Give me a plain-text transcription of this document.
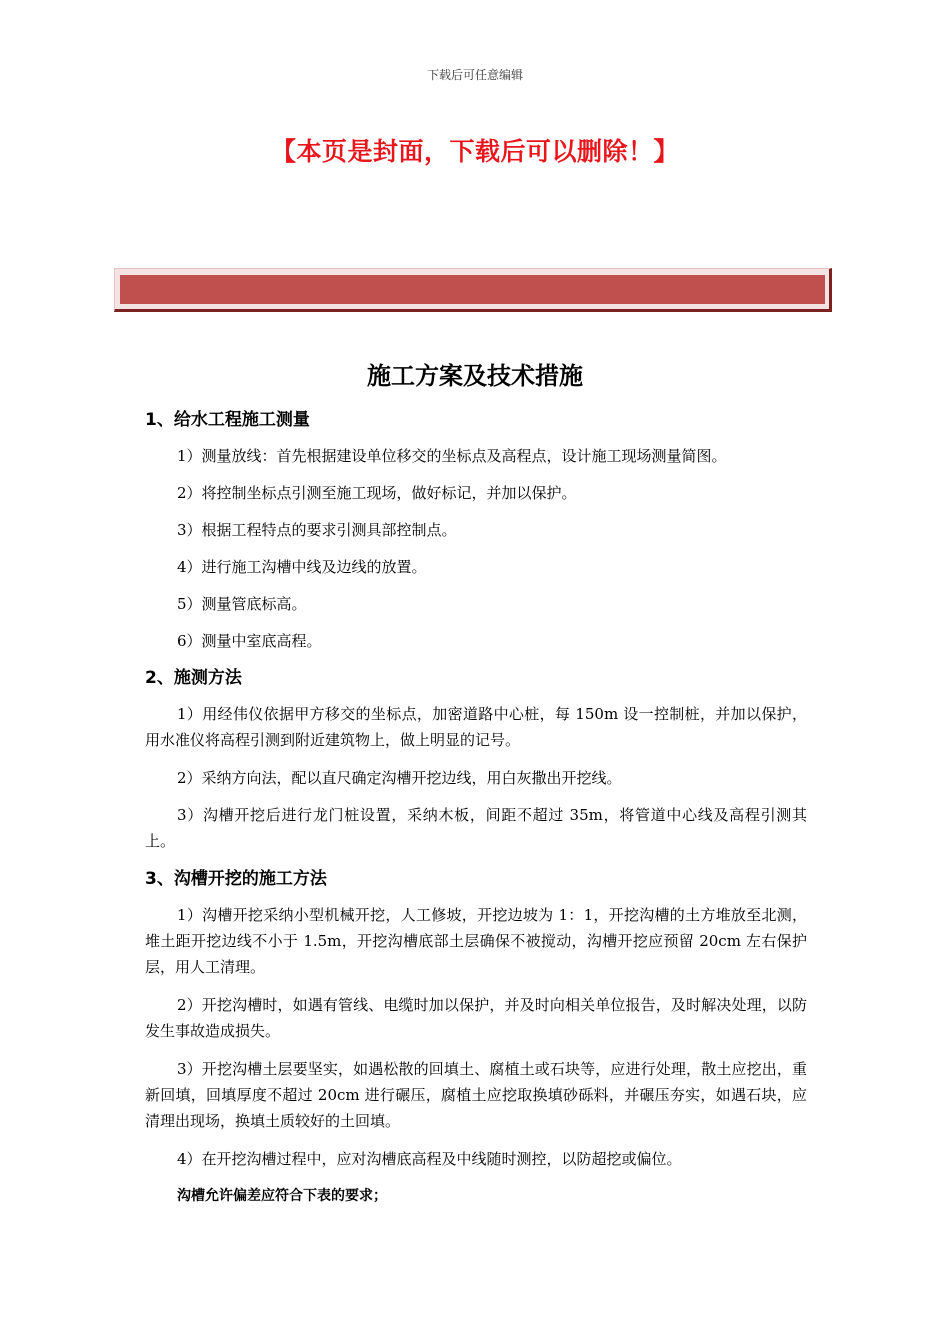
下载后可任意编辑
【本页是封面，下载后可以删除！】
施工方案及技术措施
1、给水工程施工测量

1）测量放线：首先根据建设单位移交的坐标点及高程点，设计施工现场测量简图。

2）将控制坐标点引测至施工现场，做好标记，并加以保护。

3）根据工程特点的要求引测具部控制点。

4）进行施工沟槽中线及边线的放置。

5）测量管底标高。

6）测量中室底高程。

2、施测方法

1）用经伟仪依据甲方移交的坐标点，加密道路中心桩，每 150m 设一控制桩，并加以保护，用水准仪将高程引测到附近建筑物上，做上明显的记号。

2）采纳方向法，配以直尺确定沟槽开挖边线，用白灰撒出开挖线。

3）沟槽开挖后进行龙门桩设置，采纳木板，间距不超过 35m，将管道中心线及高程引测其上。

3、沟槽开挖的施工方法

1）沟槽开挖采纳小型机械开挖，人工修坡，开挖边坡为 1：1，开挖沟槽的土方堆放至北测，堆土距开挖边线不小于 1.5m，开挖沟槽底部土层确保不被搅动，沟槽开挖应预留 20cm 左右保护层，用人工清理。

2）开挖沟槽时，如遇有管线、电缆时加以保护，并及时向相关单位报告，及时解决处理，以防发生事故造成损失。

3）开挖沟槽土层要坚实，如遇松散的回填土、腐植土或石块等，应进行处理，散土应挖出，重新回填，回填厚度不超过 20cm 进行碾压，腐植土应挖取换填砂砾料，并碾压夯实，如遇石块，应清理出现场，换填土质较好的土回填。

4）在开挖沟槽过程中，应对沟槽底高程及中线随时测控，以防超挖或偏位。

沟槽允许偏差应符合下表的要求；
